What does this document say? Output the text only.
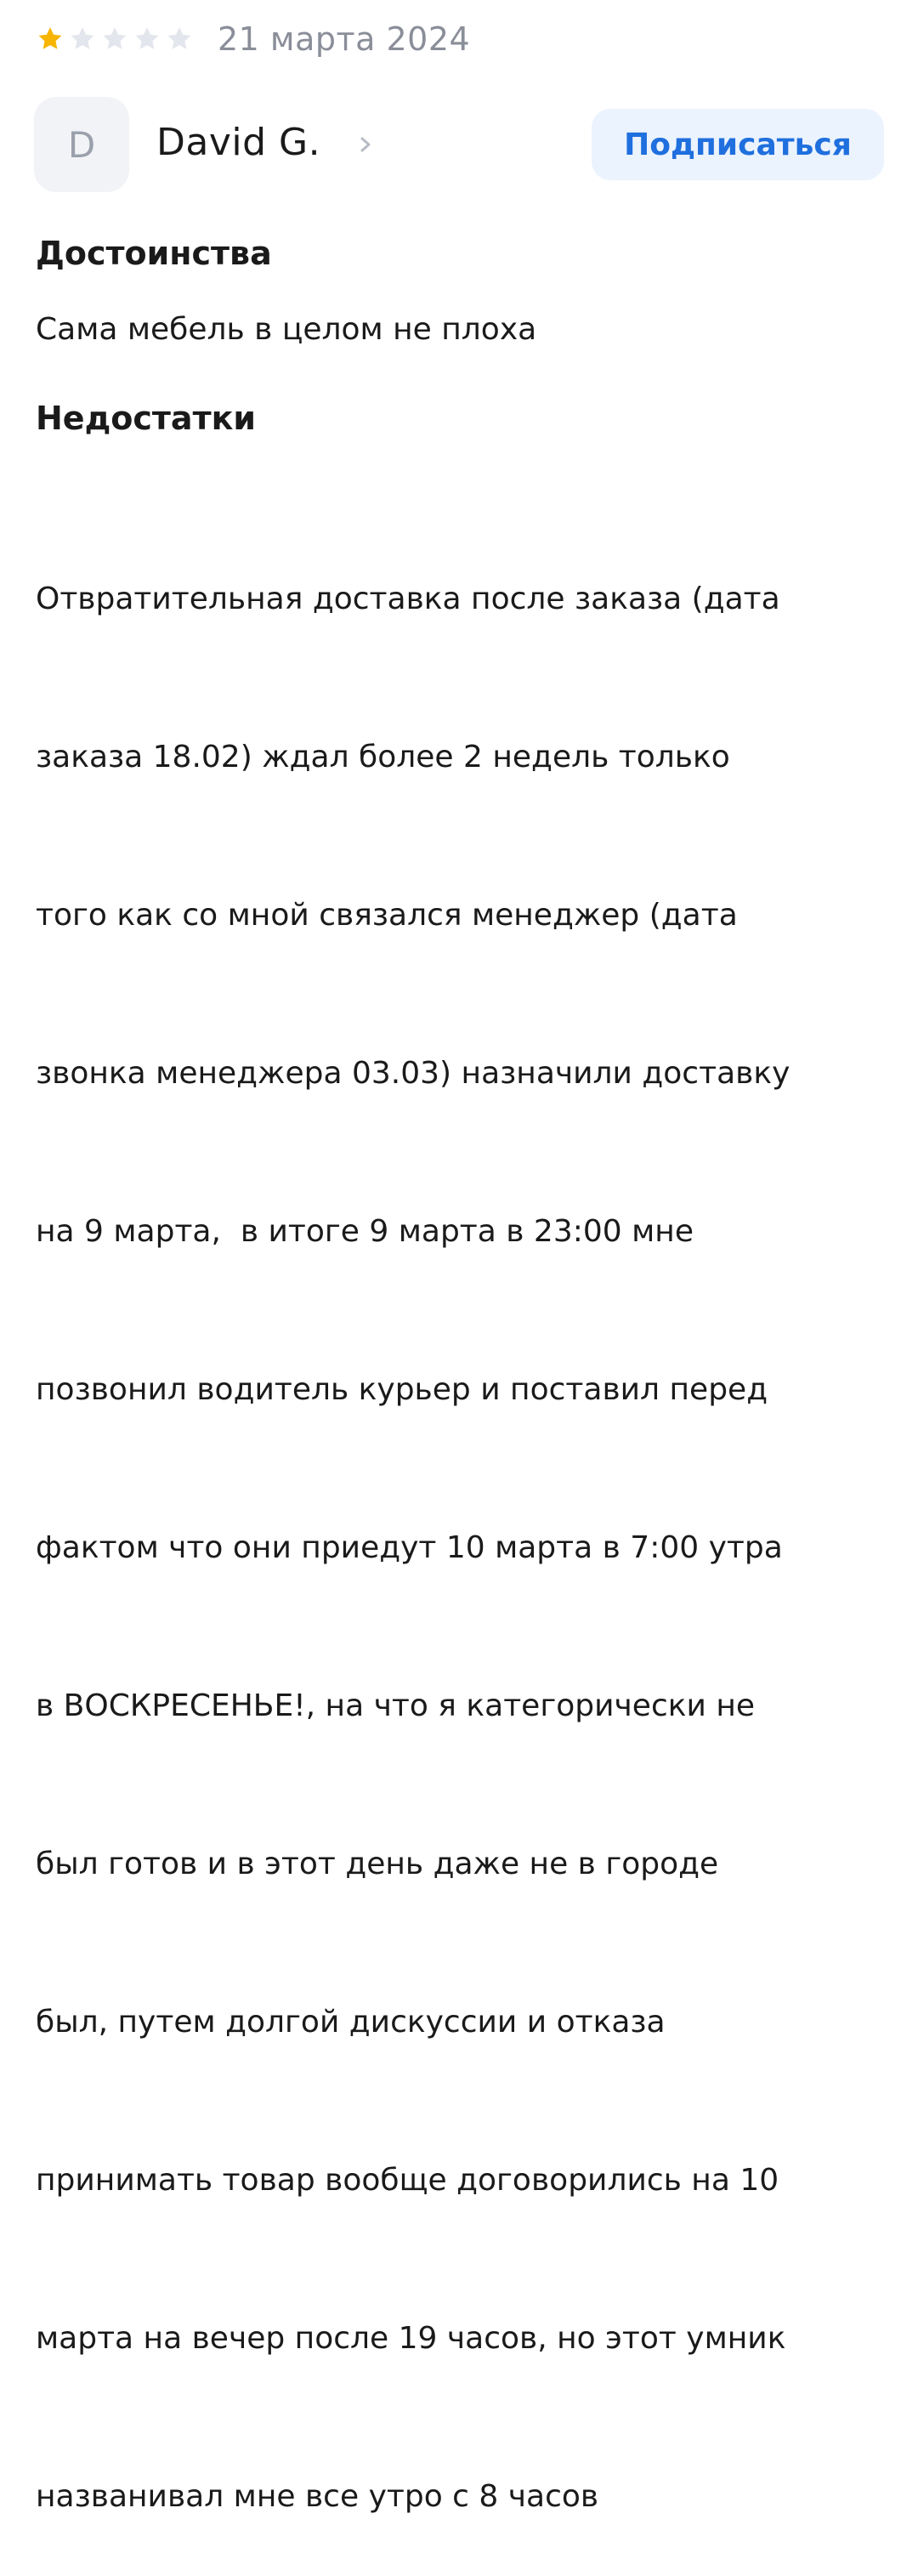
21 марта 2024
D David G.	Подписаться
Достоинства
Сама мебель в целом не плоха
Недостатки

Отвратительная доставка после заказа (дата

заказа 18.02) ждал более 2 недель только

того как со мной связался менеджер (дата

звонка менеджера 03.03) назначили доставку

на 9 марта,  в итоге 9 марта в 23:00 мне

позвонил водитель курьер и поставил перед

фактом что они приедут 10 марта в 7:00 утра

в ВОСКРЕСЕНЬЕ!, на что я категорически не

был готов и в этот день даже не в городе

был, путем долгой дискуссии и отказа

принимать товар вообще договорились на 10

марта на вечер после 19 часов, но этот умник

названивал мне все утро с 8 часов
